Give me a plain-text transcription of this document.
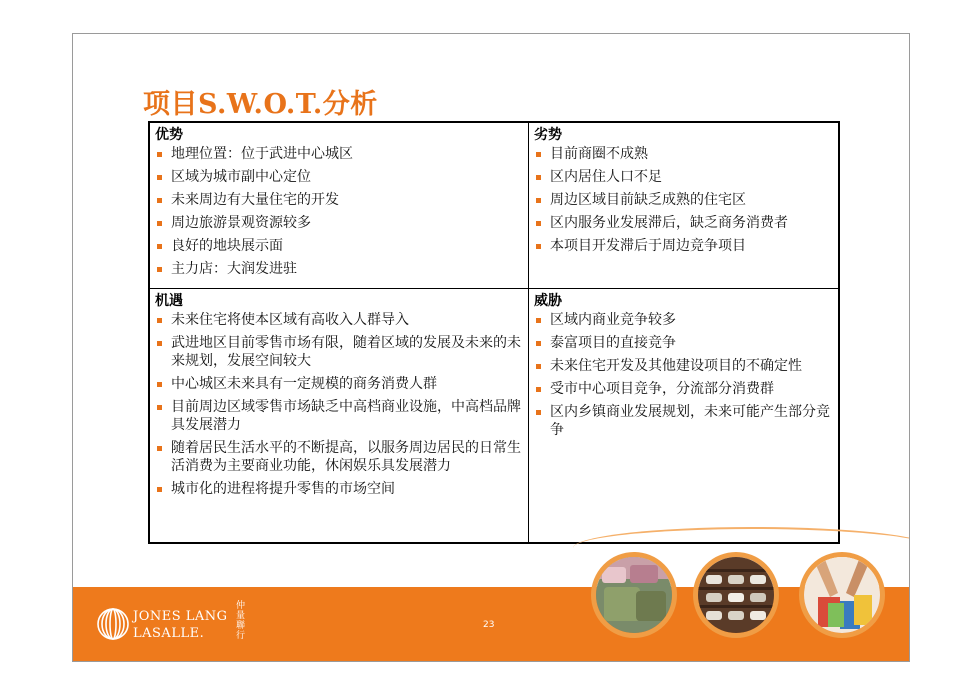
项目S.W.O.T.分析
优势
地理位置：位于武进中心城区
区域为城市副中心定位
未来周边有大量住宅的开发
周边旅游景观资源较多
良好的地块展示面
主力店：大润发进驻
劣势
目前商圈不成熟
区内居住人口不足
周边区域目前缺乏成熟的住宅区
区内服务业发展滞后，缺乏商务消费者
本项目开发滞后于周边竞争项目
机遇
未来住宅将使本区域有高收入人群导入
武进地区目前零售市场有限，随着区域的发展及未来的未来规划，发展空间较大
中心城区未来具有一定规模的商务消费人群
目前周边区域零售市场缺乏中高档商业设施，中高档品牌具发展潜力
随着居民生活水平的不断提高，以服务周边居民的日常生活消费为主要商业功能，休闲娱乐具发展潜力
城市化的进程将提升零售的市场空间
威胁
区域内商业竞争较多
泰富项目的直接竞争
未来住宅开发及其他建设项目的不确定性
受市中心项目竞争，分流部分消费群
区内乡镇商业发展规划，未来可能产生部分竞争
JONES LANG
LASALLE.
仲量聯行
23
